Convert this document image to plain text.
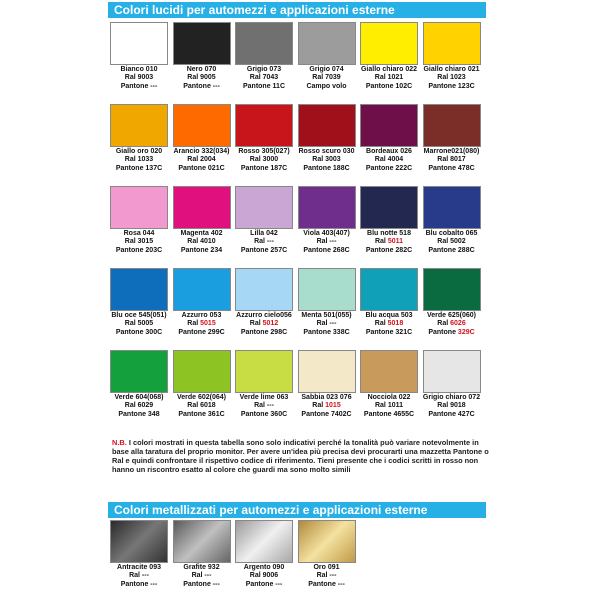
Colori lucidi per automezzi e applicazioni esterne
Bianco 010
Ral 9003
Pantone ---
Nero 070
Ral 9005
Pantone ---
Grigio 073
Ral 7043
Pantone 11C
Grigio 074
Ral 7039
Campo volo
Giallo chiaro 022
Ral 1021
Pantone 102C
Giallo chiaro 021
Ral 1023
Pantone 123C
Giallo oro 020
Ral 1033
Pantone 137C
Arancio 332(034)
Ral 2004
Pantone 021C
Rosso 305(027)
Ral 3000
Pantone 187C
Rosso scuro 030
Ral 3003
Pantone 188C
Bordeaux 026
Ral 4004
Pantone 222C
Marrone021(080)
Ral 8017
Pantone 478C
Rosa 044
Ral 3015
Pantone 203C
Magenta 402
Ral 4010
Pantone 234
Lilla 042
Ral ---
Pantone 257C
Viola 403(407)
Ral ---
Pantone 268C
Blu notte 518
Ral 5011
Pantone 282C
Blu cobalto 065
Ral 5002
Pantone 288C
Blu oce 545(051)
Ral 5005
Pantone 300C
Azzurro 053
Ral 5015
Pantone 299C
Azzurro cielo056
Ral 5012
Pantone 298C
Menta 501(055)
Ral ---
Pantone 338C
Blu acqua 503
Ral 5018
Pantone 321C
Verde 625(060)
Ral 6026
Pantone 329C
Verde 604(068)
Ral 6029
Pantone 348
Verde 602(064)
Ral 6018
Pantone 361C
Verde lime 063
Ral ---
Pantone 360C
Sabbia 023 076
Ral 1015
Pantone 7402C
Nocciola 022
Ral 1011
Pantone 4655C
Grigio chiaro 072
Ral 9018
Pantone 427C
N.B. I colori mostrati in questa tabella sono solo indicativi perché la tonalità può variare notevolmente in base alla taratura del proprio monitor. Per avere un'idea più precisa devi procurarti una mazzetta Pantone o Ral e quindi confrontare il rispettivo codice di riferimento. Tieni presente che i codici scritti in rosso non hanno un riscontro esatto al colore che guardi ma sono molto simili
Colori metallizzati per automezzi e applicazioni esterne
Antracite 093
Ral ---
Pantone ---
Grafite 932
Ral ---
Pantone ---
Argento 090
Ral 9006
Pantone ---
Oro 091
Ral ---
Pantone ---
